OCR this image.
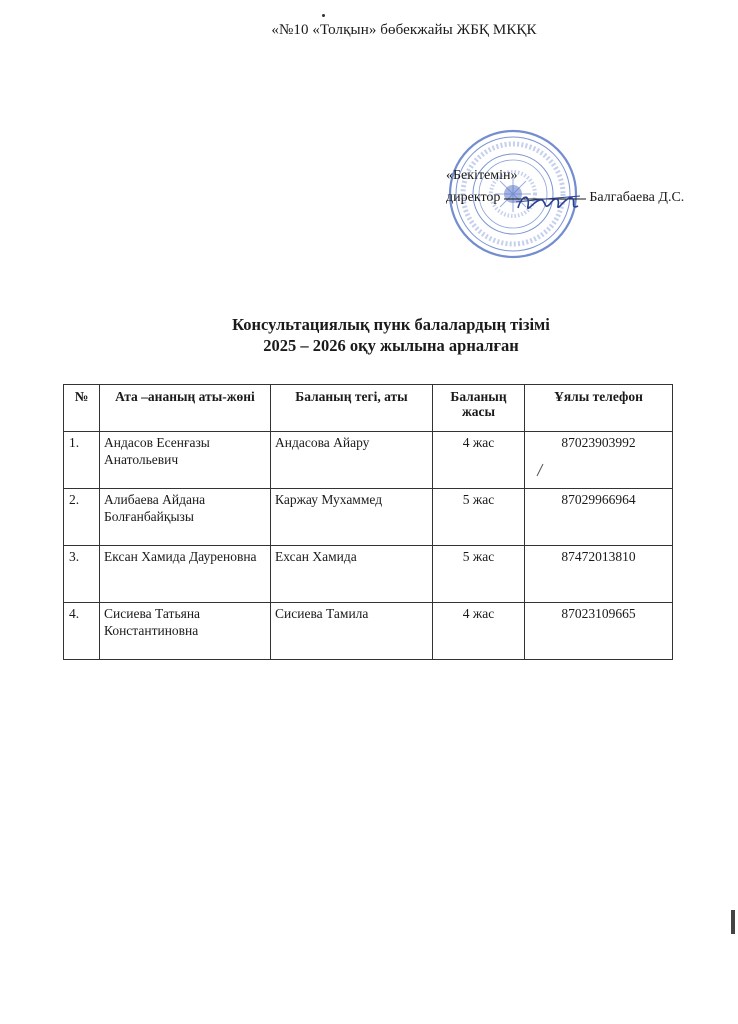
«№10 «Толқын» бөбекжайы ЖБҚ МКҚК
«Бекітемін»
директор	Балгабаева Д.С.
Консультациялық пунк балалардың тізімі
2025 – 2026 оқу жылына арналған
№	Ата –ананың аты-жөні	Баланың тегі, аты	Баланың жасы	Ұялы телефон
1.	Андасов Есенғазы Анатольевич	Андасова Айару	4 жас	87023903992
2.	Алибаева Айдана Болғанбайқызы	Каржау Мухаммед	5 жас	87029966964
3.	Ексан Хамида Дауреновна	Ехсан Хамида	5 жас	87472013810
4.	Сисиева Татьяна Константиновна	Сисиева Тамила	4 жас	87023109665
